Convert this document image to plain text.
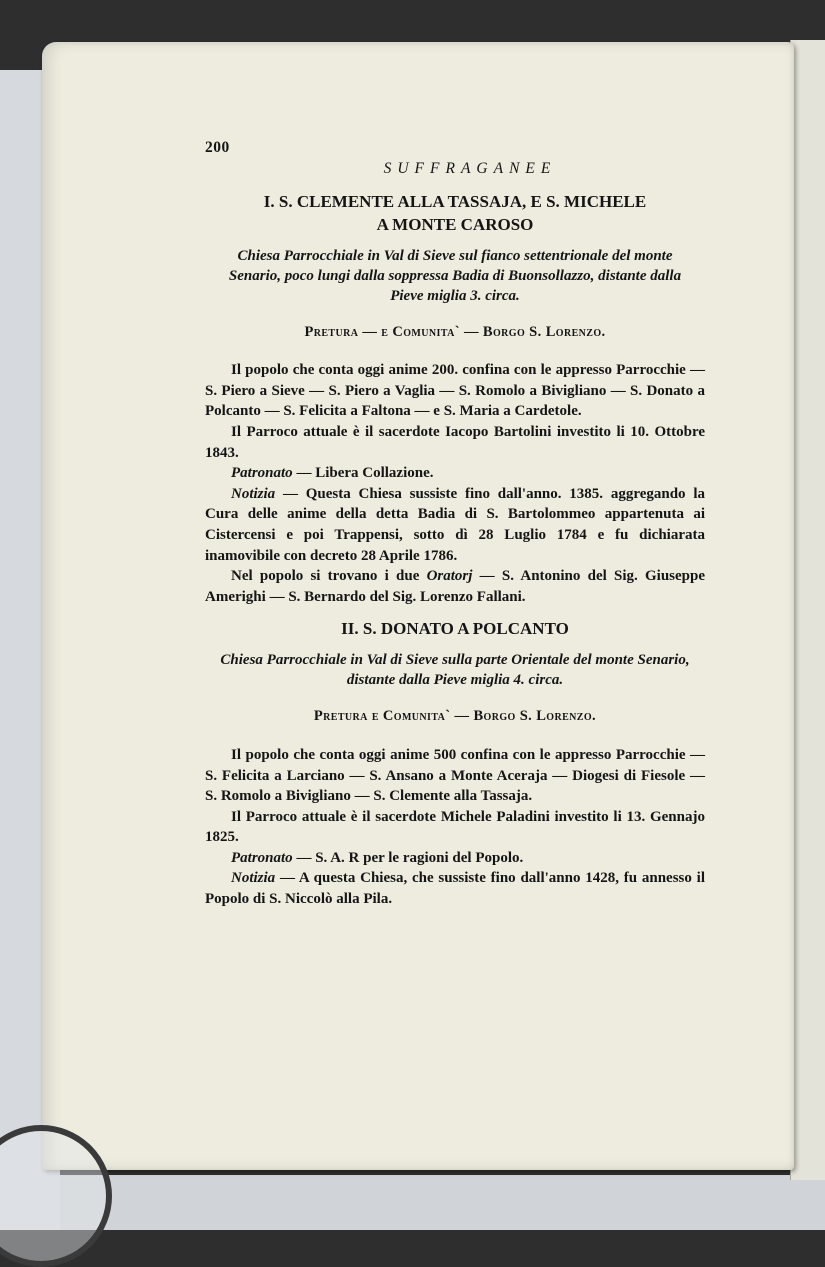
200
SUFFRAGANEE
I. S. CLEMENTE ALLA TASSAJA, E S. MICHELE
A MONTE CAROSO

Chiesa Parrocchiale in Val di Sieve sul fianco settentrionale del monte Senario, poco lungi dalla soppressa Badia di Buonsollazzo, distante dalla Pieve miglia 3. circa.

Pretura — e Comunita` — Borgo S. Lorenzo.

Il popolo che conta oggi anime 200. confina con le appresso Parrocchie — S. Piero a Sieve — S. Piero a Vaglia — S. Romolo a Bivigliano — S. Donato a Polcanto — S. Felicita a Faltona — e S. Maria a Cardetole.

Il Parroco attuale è il sacerdote Iacopo Bartolini investito li 10. Ottobre 1843.

Patronato — Libera Collazione.

Notizia — Questa Chiesa sussiste fino dall'anno. 1385. aggregando la Cura delle anime della detta Badia di S. Bartolommeo appartenuta ai Cistercensi e poi Trappensi, sotto dì 28 Luglio 1784 e fu dichiarata inamovibile con decreto 28 Aprile 1786.

Nel popolo si trovano i due Oratorj — S. Antonino del Sig. Giuseppe Amerighi — S. Bernardo del Sig. Lorenzo Fallani.

II. S. DONATO A POLCANTO

Chiesa Parrocchiale in Val di Sieve sulla parte Orientale del monte Senario, distante dalla Pieve miglia 4. circa.

Pretura e Comunita` — Borgo S. Lorenzo.

Il popolo che conta oggi anime 500 confina con le appresso Parrocchie — S. Felicita a Larciano — S. Ansano a Monte Aceraja — Diogesi di Fiesole — S. Romolo a Bivigliano — S. Clemente alla Tassaja.

Il Parroco attuale è il sacerdote Michele Paladini investito li 13. Gennajo 1825.

Patronato — S. A. R per le ragioni del Popolo.

Notizia — A questa Chiesa, che sussiste fino dall'anno 1428, fu annesso il Popolo di S. Niccolò alla Pila.
